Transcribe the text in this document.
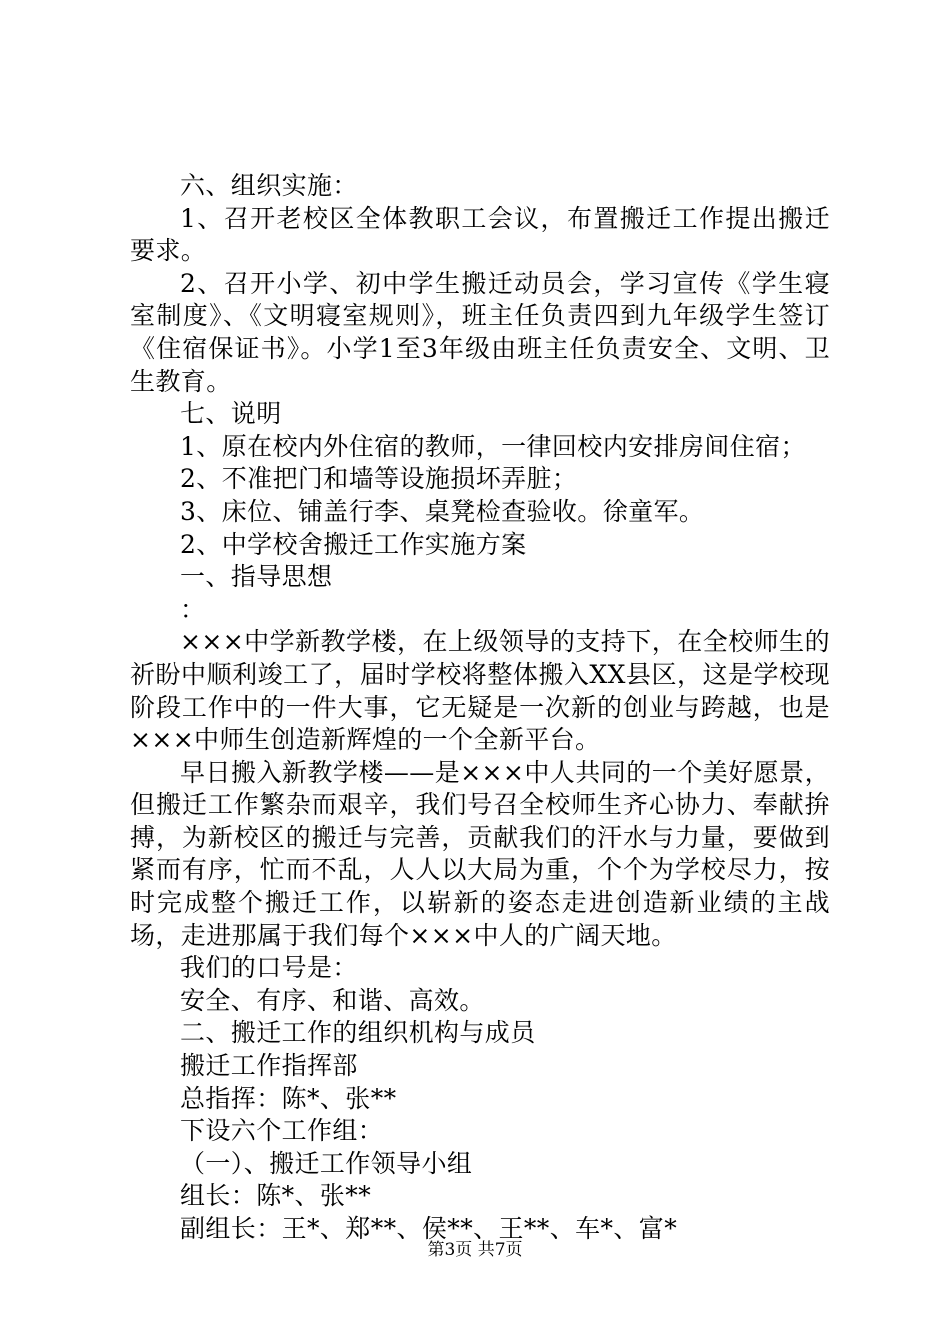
六、组织实施：

1、召开老校区全体教职工会议，布置搬迁工作提出搬迁要求。

2、召开小学、初中学生搬迁动员会，学习宣传《学生寝室制度》、《文明寝室规则》，班主任负责四到九年级学生签订《住宿保证书》。小学1至3年级由班主任负责安全、文明、卫生教育。

七、说明

1、原在校内外住宿的教师，一律回校内安排房间住宿；

2、不准把门和墙等设施损坏弄脏；

3、床位、铺盖行李、桌凳检查验收。徐童军。

2、中学校舍搬迁工作实施方案

一、指导思想

：

×××中学新教学楼，在上级领导的支持下，在全校师生的祈盼中顺利竣工了，届时学校将整体搬入XX县区，这是学校现阶段工作中的一件大事，它无疑是一次新的创业与跨越，也是×××中师生创造新辉煌的一个全新平台。

早日搬入新教学楼——是×××中人共同的一个美好愿景，但搬迁工作繁杂而艰辛，我们号召全校师生齐心协力、奉献拚搏，为新校区的搬迁与完善，贡献我们的汗水与力量，要做到紧而有序，忙而不乱，人人以大局为重，个个为学校尽力，按时完成整个搬迁工作，以崭新的姿态走进创造新业绩的主战场，走进那属于我们每个×××中人的广阔天地。

我们的口号是：

安全、有序、和谐、高效。

二、搬迁工作的组织机构与成员

搬迁工作指挥部

总指挥：陈*、张**

下设六个工作组：

（一）、搬迁工作领导小组

组长：陈*、张**

副组长：王*、郑**、侯**、王**、车*、富*

第3页 共7页
